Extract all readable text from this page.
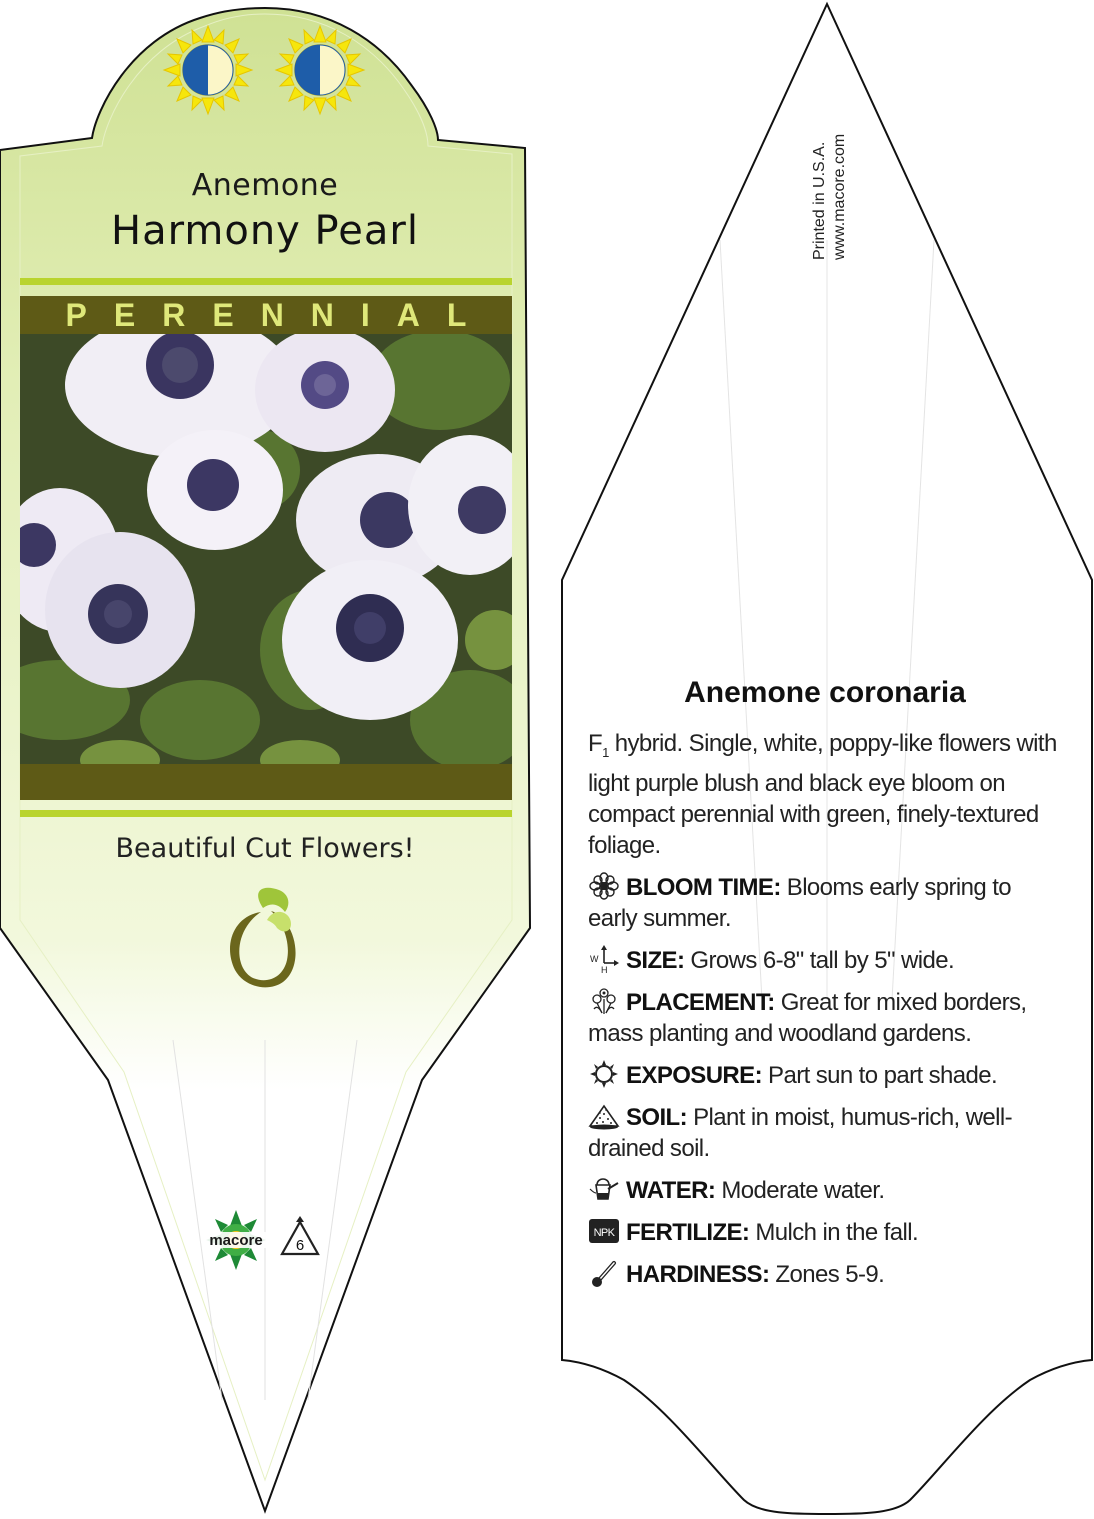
macore 6
Anemone
Harmony Pearl
PERENNIAL
Beautiful Cut Flowers!
Printed in U.S.A. www.macore.com
Anemone coronaria

$F_1$ hybrid. Single, white, poppy-like flowers with light purple blush and black eye bloom on compact perennial with green, finely-textured foliage.

BLOOM TIME: Blooms early spring to early summer.

W
H SIZE: Grows 6-8" tall by 5" wide.

PLACEMENT: Great for mixed borders, mass planting and woodland gardens.

EXPOSURE: Part sun to part shade.

SOIL: Plant in moist, humus-rich, well-drained soil.

WATER: Moderate water.

NPK FERTILIZE: Mulch in the fall.

HARDINESS: Zones 5-9.
